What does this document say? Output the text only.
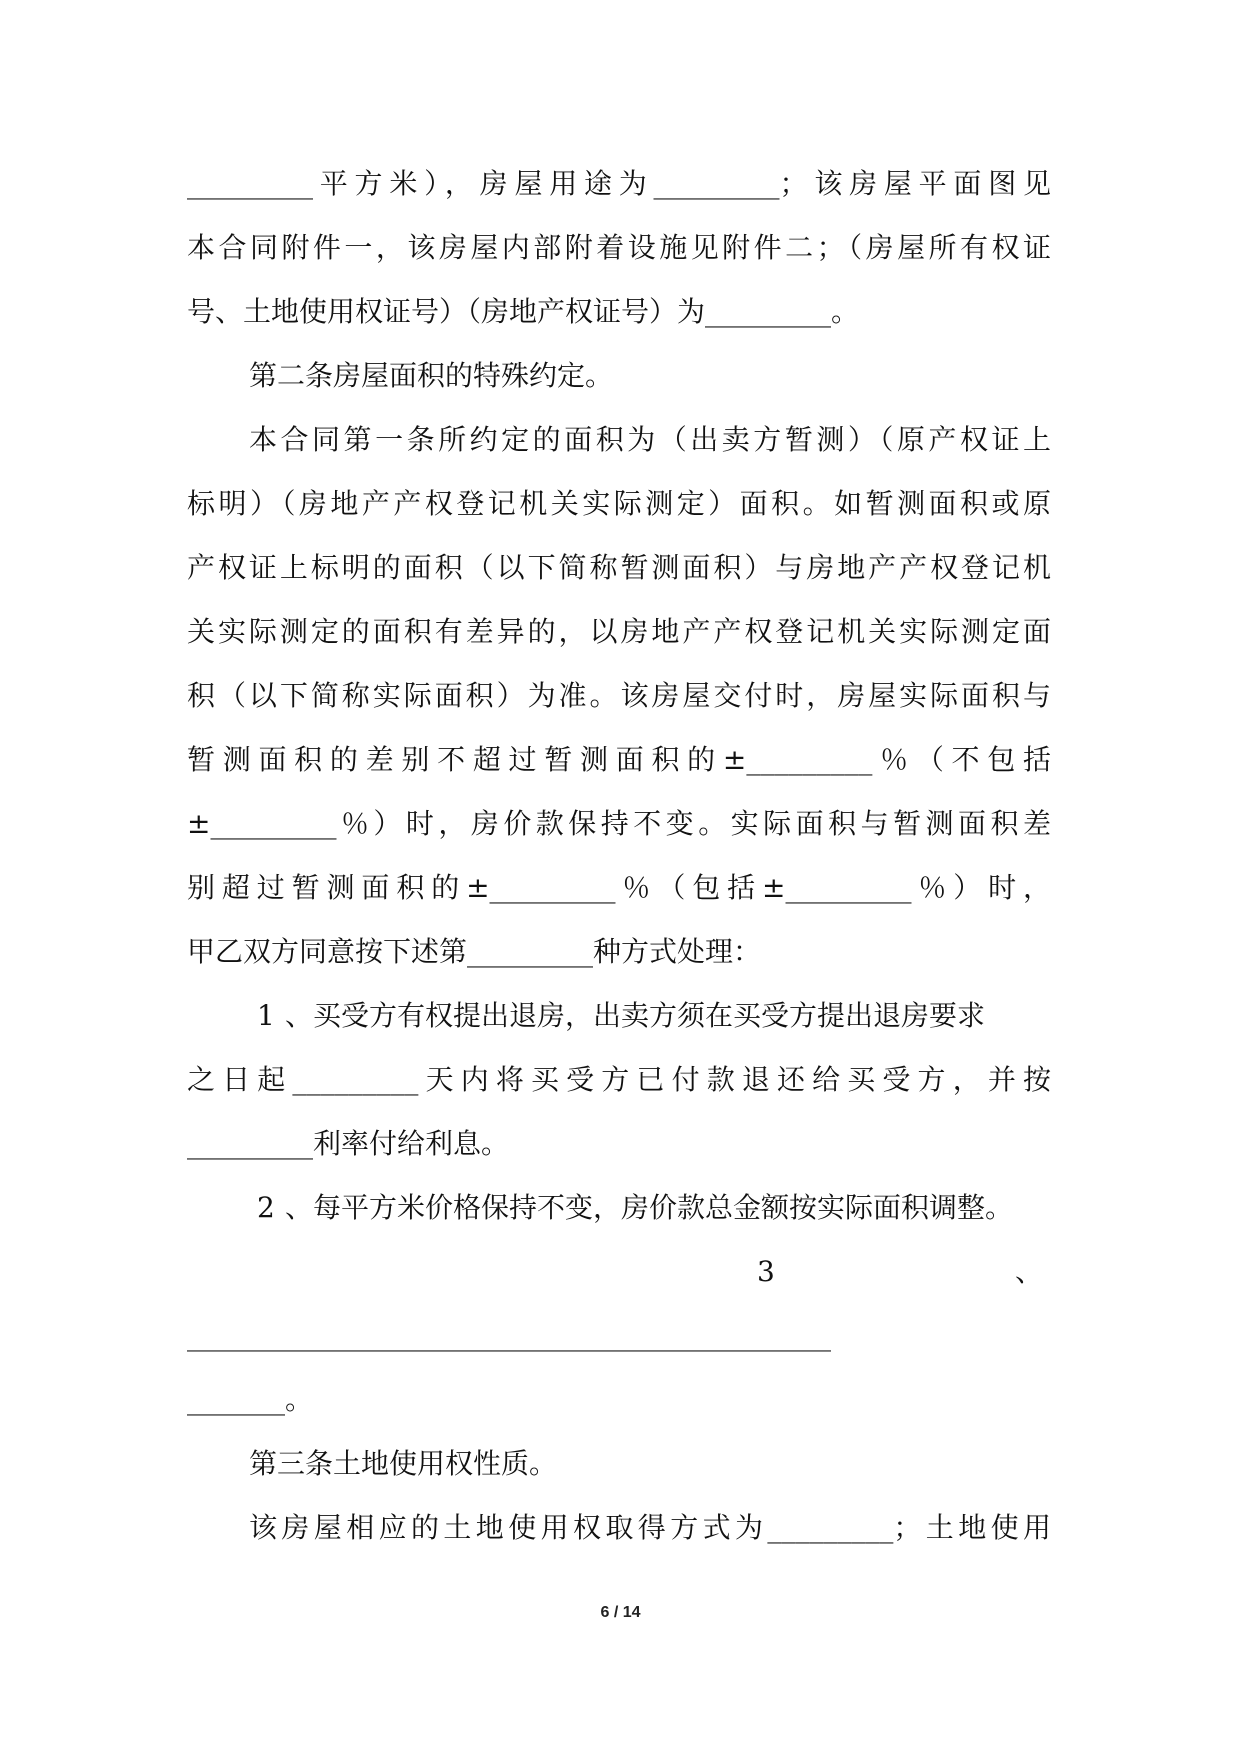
_________平方米），房屋用途为_________；该房屋平面图见
本合同附件一，该房屋内部附着设施见附件二；（房屋所有权证
号、土地使用权证号）（房地产权证号）为_________。
第二条房屋面积的特殊约定。
本合同第一条所约定的面积为（出卖方暂测）（原产权证上
标明）（房地产产权登记机关实际测定）面积。如暂测面积或原
产权证上标明的面积（以下简称暂测面积）与房地产产权登记机
关实际测定的面积有差异的，以房地产产权登记机关实际测定面
积（以下简称实际面积）为准。该房屋交付时，房屋实际面积与
暂测面积的差别不超过暂测面积的±_________％（不包括
±_________％）时，房价款保持不变。实际面积与暂测面积差
别超过暂测面积的±_________％（包括±_________％）时，
甲乙双方同意按下述第_________种方式处理：
1 、买受方有权提出退房，出卖方须在买受方提出退房要求
之日起_________天内将买受方已付款退还给买受方，并按
_________利率付给利息。
2 、每平方米价格保持不变，房价款总金额按实际面积调整。
3	、
______________________________________________
_______。
第三条土地使用权性质。
该房屋相应的土地使用权取得方式为_________；土地使用
6 / 14
